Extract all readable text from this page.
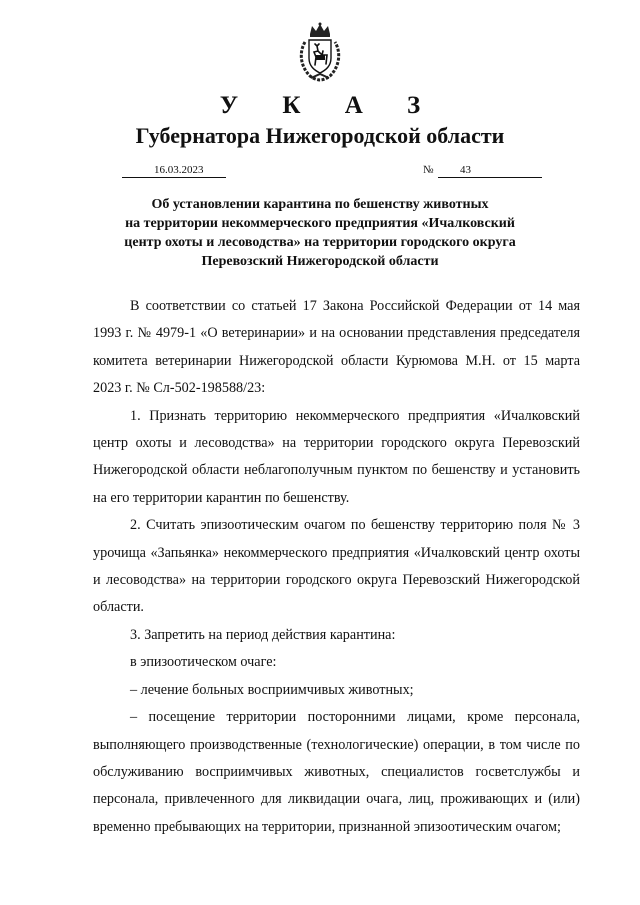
У К А З
Губернатора Нижегородской области
16.03.2023	№	43
Об установлении карантина по бешенству животных
на территории некоммерческого предприятия «Ичалковский
центр охоты и лесоводства» на территории городского округа
Перевозский Нижегородской области

В соответствии со статьей 17 Закона Российской Федерации от 14 мая 1993 г. № 4979-1 «О ветеринарии» и на основании представления председателя комитета ветеринарии Нижегородской области Курюмова М.Н. от 15 марта 2023 г. № Сл-502-198588/23:

1. Признать территорию некоммерческого предприятия «Ичалковский центр охоты и лесоводства» на территории городского округа Перевозский Нижегородской области неблагополучным пунктом по бешенству и установить на его территории карантин по бешенству.

2. Считать эпизоотическим очагом по бешенству территорию поля № 3 урочища «Запьянка» некоммерческого предприятия «Ичалковский центр охоты и лесоводства» на территории городского округа Перевозский Нижегородской области.

3. Запретить на период действия карантина:

в эпизоотическом очаге:

– лечение больных восприимчивых животных;

– посещение территории посторонними лицами, кроме персонала, выполняющего производственные (технологические) операции, в том числе по обслуживанию восприимчивых животных, специалистов госветслужбы и персонала, привлеченного для ликвидации очага, лиц, проживающих и (или) временно пребывающих на территории, признанной эпизоотическим очагом;
